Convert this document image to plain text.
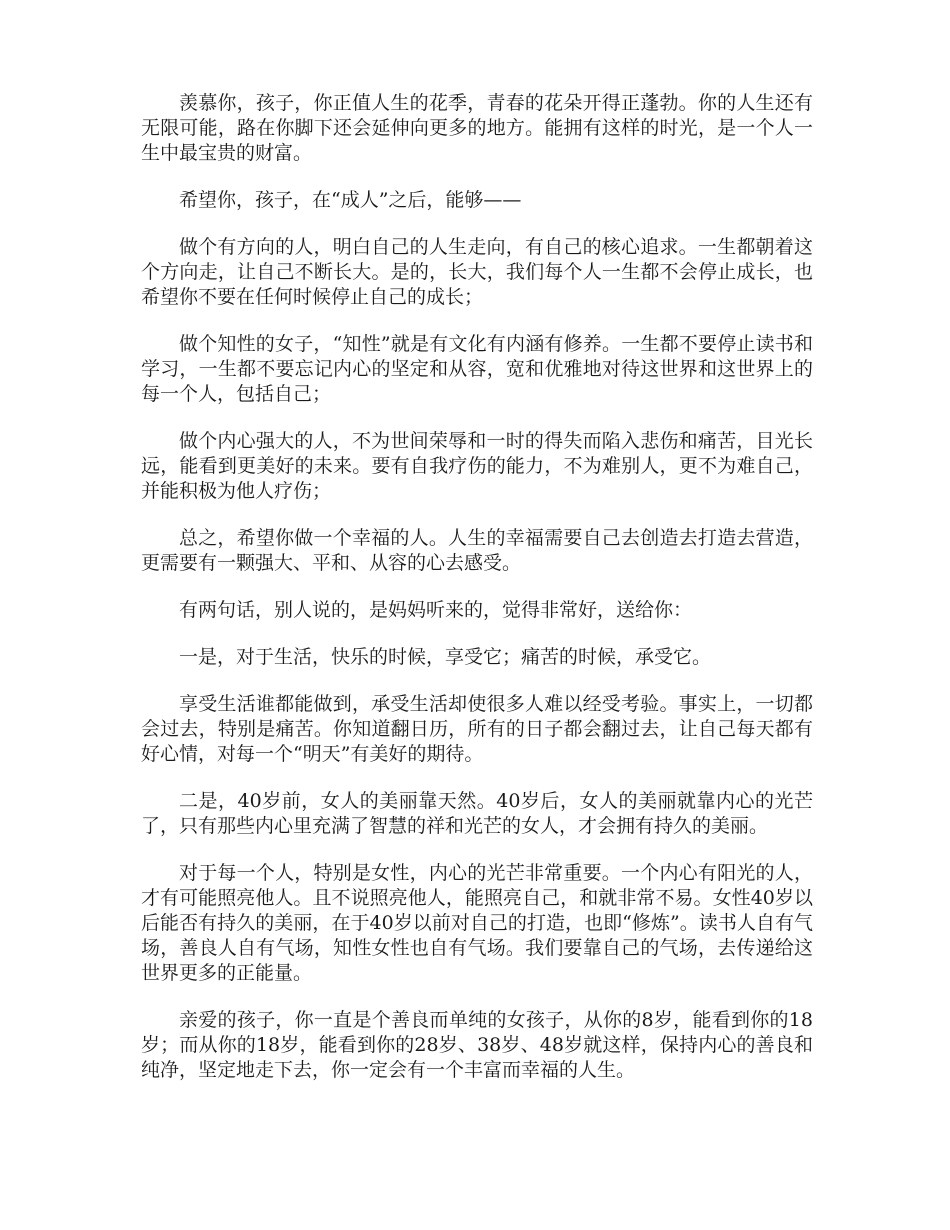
羡慕你，孩子，你正值人生的花季，青春的花朵开得正蓬勃。你的人生还有无限可能，路在你脚下还会延伸向更多的地方。能拥有这样的时光，是一个人一生中最宝贵的财富。

希望你，孩子，在“成人”之后，能够——

做个有方向的人，明白自己的人生走向，有自己的核心追求。一生都朝着这个方向走，让自己不断长大。是的，长大，我们每个人一生都不会停止成长，也希望你不要在任何时候停止自己的成长；

做个知性的女子，“知性”就是有文化有内涵有修养。一生都不要停止读书和学习，一生都不要忘记内心的坚定和从容，宽和优雅地对待这世界和这世界上的每一个人，包括自己；

做个内心强大的人，不为世间荣辱和一时的得失而陷入悲伤和痛苦，目光长远，能看到更美好的未来。要有自我疗伤的能力，不为难别人，更不为难自己，并能积极为他人疗伤；

总之，希望你做一个幸福的人。人生的幸福需要自己去创造去打造去营造，更需要有一颗强大、平和、从容的心去感受。

有两句话，别人说的，是妈妈听来的，觉得非常好，送给你：

一是，对于生活，快乐的时候，享受它；痛苦的时候，承受它。

享受生活谁都能做到，承受生活却使很多人难以经受考验。事实上，一切都会过去，特别是痛苦。你知道翻日历，所有的日子都会翻过去，让自己每天都有好心情，对每一个“明天”有美好的期待。

二是，40岁前，女人的美丽靠天然。40岁后，女人的美丽就靠内心的光芒了，只有那些内心里充满了智慧的祥和光芒的女人，才会拥有持久的美丽。

对于每一个人，特别是女性，内心的光芒非常重要。一个内心有阳光的人，才有可能照亮他人。且不说照亮他人，能照亮自己，和就非常不易。女性40岁以后能否有持久的美丽，在于40岁以前对自己的打造，也即“修炼”。读书人自有气场，善良人自有气场，知性女性也自有气场。我们要靠自己的气场，去传递给这世界更多的正能量。

亲爱的孩子，你一直是个善良而单纯的女孩子，从你的8岁，能看到你的18岁；而从你的18岁，能看到你的28岁、38岁、48岁就这样，保持内心的善良和纯净，坚定地走下去，你一定会有一个丰富而幸福的人生。
